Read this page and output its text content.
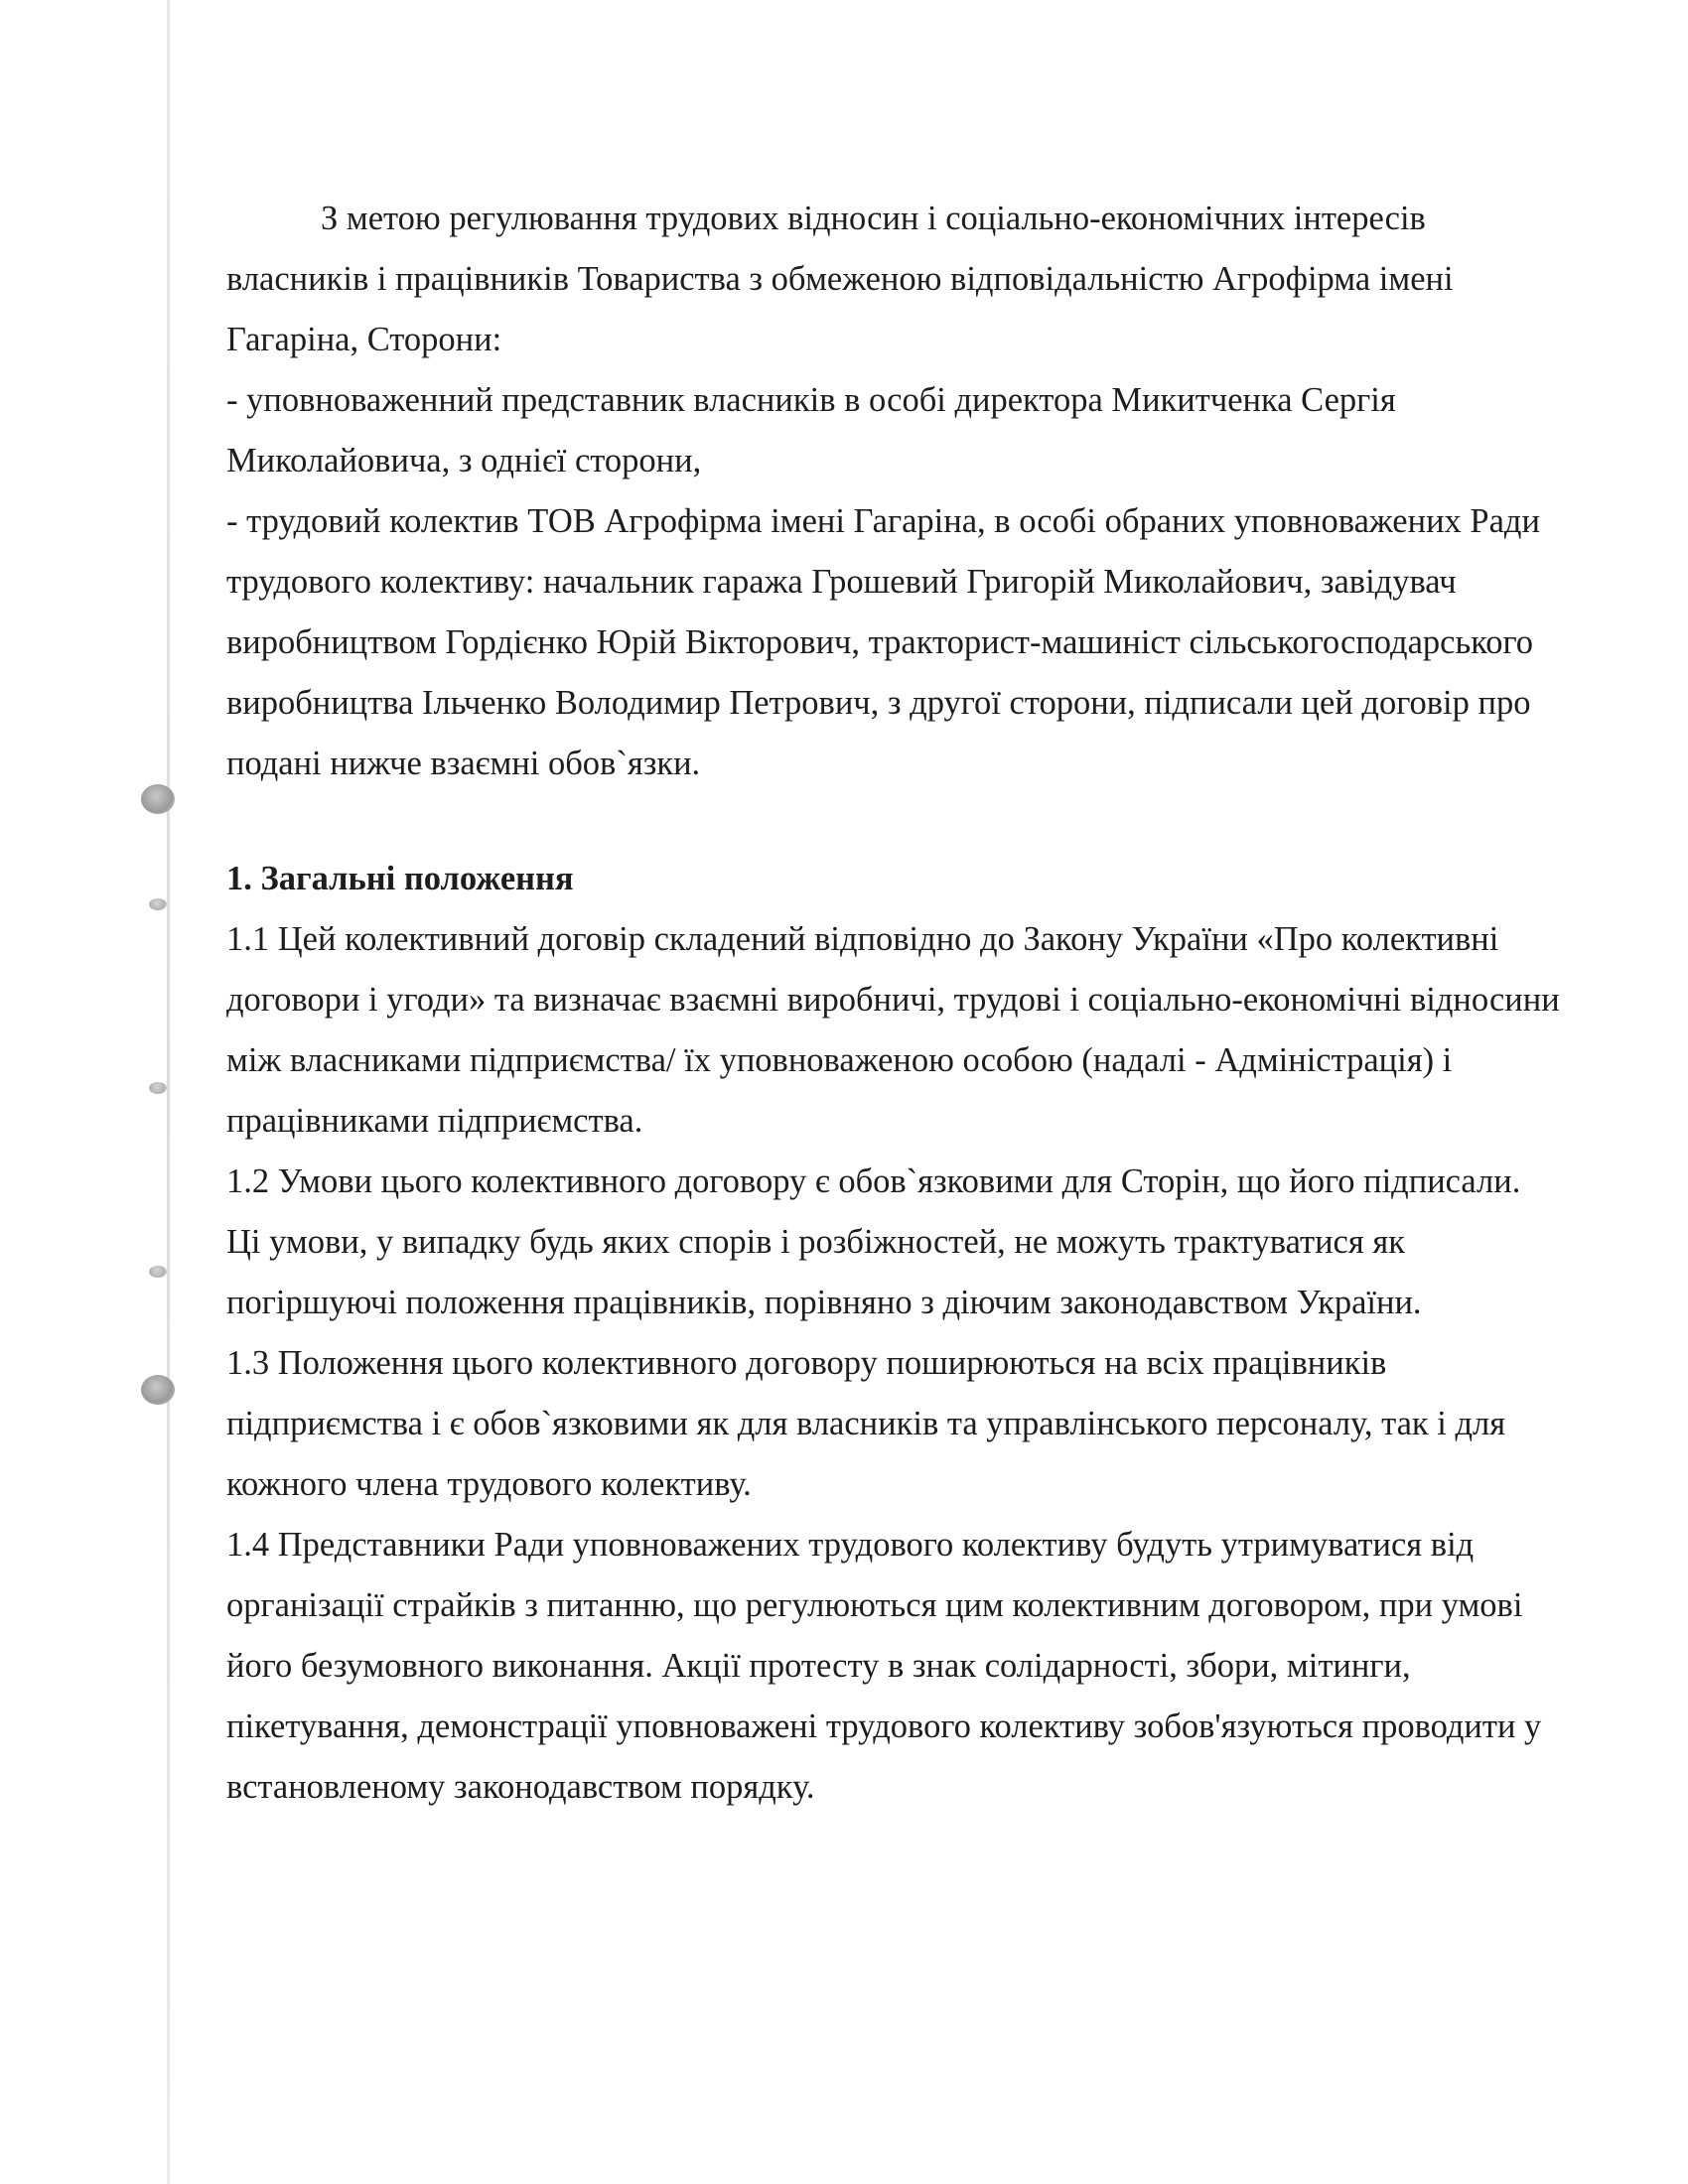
З метою регулювання трудових відносин і соціально-економічних інтересів власників і працівників Товариства з обмеженою відповідальністю Агрофірма імені Гагаріна, Сторони:

- уповноваженний представник власників в особі директора Микитченка Сергія Миколайовича, з однієї сторони,

- трудовий колектив ТОВ Агрофірма імені Гагаріна, в особі обраних уповноважених Ради трудового колективу: начальник гаража Грошевий Григорій Миколайович, завідувач виробництвом Гордієнко Юрій Вікторович, тракторист-машиніст сільськогосподарського виробництва Ільченко Володимир Петрович, з другої сторони, підписали цей договір про подані нижче взаємні обов`язки.

1. Загальні положення

1.1 Цей колективний договір складений відповідно до Закону України «Про колективні договори і угоди» та визначає взаємні виробничі, трудові і соціально-економічні відносини між власниками підприємства/ їх уповноваженою особою (надалі - Адміністрація) і працівниками підприємства.

1.2 Умови цього колективного договору є обов`язковими для Сторін, що його підписали. Ці умови, у випадку будь яких спорів і розбіжностей, не можуть трактуватися як погіршуючі положення працівників, порівняно з діючим законодавством України.

1.3 Положення цього колективного договору поширюються на всіх працівників підприємства і є обов`язковими як для власників та управлінського персоналу, так і для кожного члена трудового колективу.

1.4 Представники Ради уповноважених трудового колективу будуть утримуватися від організації страйків з питанню, що регулюються цим колективним договором, при умові його безумовного виконання. Акції протесту в знак солідарності, збори, мітинги, пікетування, демонстрації уповноважені трудового колективу зобов'язуються проводити у встановленому законодавством порядку.
